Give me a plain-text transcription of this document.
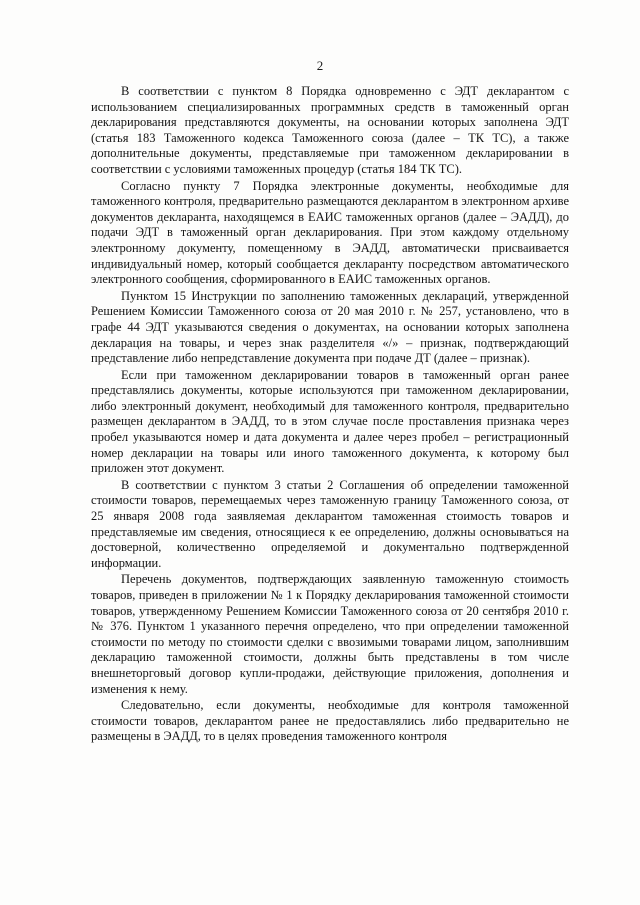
2

В соответствии с пунктом 8 Порядка одновременно с ЭДТ декларантом с использованием специализированных программных средств в таможенный орган декларирования представляются документы, на основании которых заполнена ЭДТ (статья 183 Таможенного кодекса Таможенного союза (далее – ТК ТС), а также дополнительные документы, представляемые при таможенном декларировании в соответствии с условиями таможенных процедур (статья 184 ТК ТС).

Согласно пункту 7 Порядка электронные документы, необходимые для таможенного контроля, предварительно размещаются декларантом в электронном архиве документов декларанта, находящемся в ЕАИС таможенных органов (далее – ЭАДД), до подачи ЭДТ в таможенный орган декларирования. При этом каждому отдельному электронному документу, помещенному в ЭАДД, автоматически присваивается индивидуальный номер, который сообщается декларанту посредством автоматического электронного сообщения, сформированного в ЕАИС таможенных органов.

Пунктом 15 Инструкции по заполнению таможенных деклараций, утвержденной Решением Комиссии Таможенного союза от 20 мая 2010 г. № 257, установлено, что в графе 44 ЭДТ указываются сведения о документах, на основании которых заполнена декларация на товары, и через знак разделителя «/» – признак, подтверждающий представление либо непредставление документа при подаче ДТ (далее – признак).

Если при таможенном декларировании товаров в таможенный орган ранее представлялись документы, которые используются при таможенном декларировании, либо электронный документ, необходимый для таможенного контроля, предварительно размещен декларантом в ЭАДД, то в этом случае после проставления признака через пробел указываются номер и дата документа и далее через пробел – регистрационный номер декларации на товары или иного таможенного документа, к которому был приложен этот документ.

В соответствии с пунктом 3 статьи 2 Соглашения об определении таможенной стоимости товаров, перемещаемых через таможенную границу Таможенного союза, от 25 января 2008 года заявляемая декларантом таможенная стоимость товаров и представляемые им сведения, относящиеся к ее определению, должны основываться на достоверной, количественно определяемой и документально подтвержденной информации.

Перечень документов, подтверждающих заявленную таможенную стоимость товаров, приведен в приложении № 1 к Порядку декларирования таможенной стоимости товаров, утвержденному Решением Комиссии Таможенного союза от 20 сентября 2010 г. № 376. Пунктом 1 указанного перечня определено, что при определении таможенной стоимости по методу по стоимости сделки с ввозимыми товарами лицом, заполнившим декларацию таможенной стоимости, должны быть представлены в том числе внешнеторговый договор купли-продажи, действующие приложения, дополнения и изменения к нему.

Следовательно, если документы, необходимые для контроля таможенной стоимости товаров, декларантом ранее не предоставлялись либо предварительно не размещены в ЭАДД, то в целях проведения таможенного контроля
